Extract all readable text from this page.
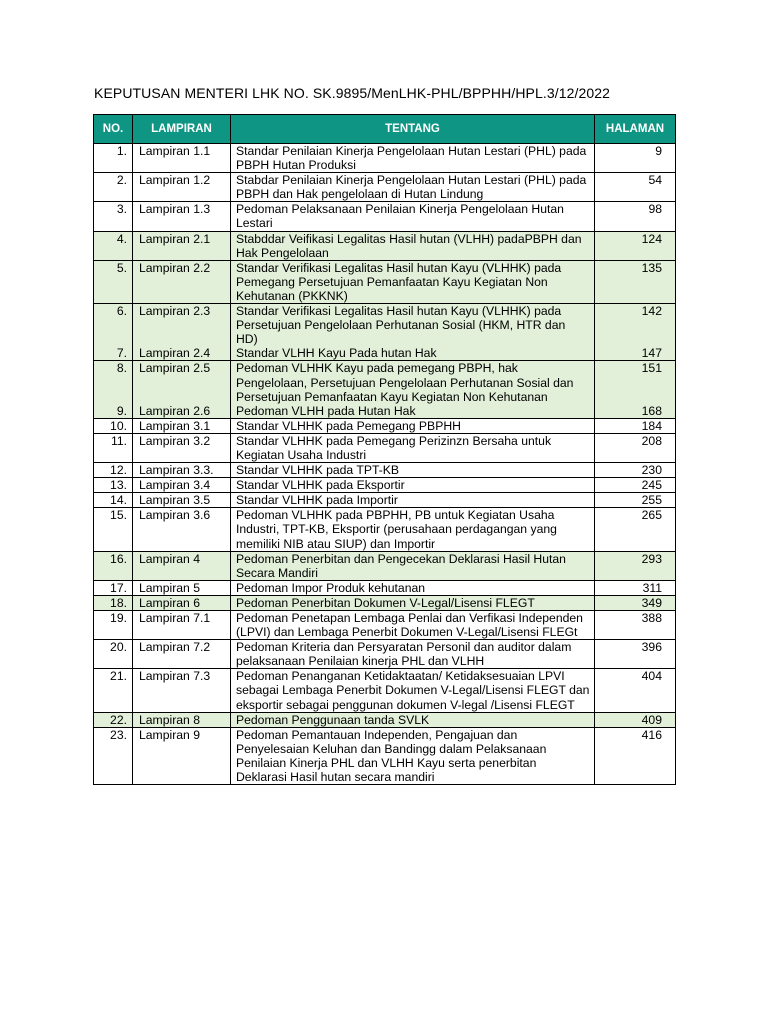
KEPUTUSAN MENTERI LHK NO. SK.9895/MenLHK-PHL/BPPHH/HPL.3/12/2022
NO.	LAMPIRAN	TENTANG	HALAMAN
1.	Lampiran 1.1	Standar Penilaian Kinerja Pengelolaan Hutan Lestari (PHL) pada PBPH Hutan Produksi	9
2.	Lampiran 1.2	Stabdar Penilaian Kinerja Pengelolaan Hutan Lestari (PHL) pada PBPH dan Hak pengelolaan di Hutan Lindung	54
3.	Lampiran 1.3	Pedoman Pelaksanaan Penilaian Kinerja Pengelolaan Hutan Lestari	98
4.	Lampiran 2.1	Stabddar Veifikasi Legalitas Hasil hutan (VLHH) padaPBPH dan Hak Pengelolaan	124
5.	Lampiran 2.2	Standar Verifikasi Legalitas Hasil hutan Kayu (VLHHK) pada Pemegang Persetujuan Pemanfaatan Kayu Kegiatan Non Kehutanan (PKKNK)	135
6.	Lampiran 2.3	Standar Verifikasi Legalitas Hasil hutan Kayu (VLHHK) pada Persetujuan Pengelolaan Perhutanan Sosial (HKM, HTR dan HD)	142
7.	Lampiran 2.4	Standar VLHH Kayu Pada hutan Hak	147
8.	Lampiran 2.5	Pedoman VLHHK Kayu pada pemegang PBPH, hak Pengelolaan, Persetujuan Pengelolaan Perhutanan Sosial dan Persetujuan Pemanfaatan Kayu Kegiatan Non Kehutanan	151
9.	Lampiran 2.6	Pedoman VLHH pada Hutan Hak	168
10.	Lampiran 3.1	Standar VLHHK pada Pemegang PBPHH	184
11.	Lampiran 3.2	Standar VLHHK pada Pemegang Perizinzn Bersaha untuk Kegiatan Usaha Industri	208
12.	Lampiran 3.3.	Standar VLHHK pada TPT-KB	230
13.	Lampiran 3.4	Standar VLHHK pada Eksportir	245
14.	Lampiran 3.5	Standar VLHHK pada Importir	255
15.	Lampiran 3.6	Pedoman VLHHK pada PBPHH, PB untuk Kegiatan Usaha Industri, TPT-KB, Eksportir (perusahaan perdagangan yang memiliki NIB atau SIUP) dan Importir	265
16.	Lampiran 4	Pedoman Penerbitan dan Pengecekan Deklarasi Hasil Hutan Secara Mandiri	293
17.	Lampiran 5	Pedoman Impor Produk kehutanan	311
18.	Lampiran 6	Pedoman Penerbitan Dokumen V-Legal/Lisensi FLEGT	349
19.	Lampiran 7.1	Pedoman Penetapan Lembaga Penlai dan Verfikasi Independen (LPVI) dan Lembaga Penerbit Dokumen V-Legal/Lisensi FLEGt	388
20.	Lampiran 7.2	Pedoman Kriteria dan Persyaratan Personil dan auditor dalam pelaksanaan Penilaian kinerja PHL dan VLHH	396
21.	Lampiran 7.3	Pedoman Penanganan Ketidaktaatan/ Ketidaksesuaian LPVI sebagai Lembaga Penerbit Dokumen V-Legal/Lisensi FLEGT dan eksportir sebagai penggunan dokumen V-legal /Lisensi FLEGT	404
22.	Lampiran 8	Pedoman Penggunaan tanda SVLK	409
23.	Lampiran 9	Pedoman Pemantauan Independen, Pengajuan dan Penyelesaian Keluhan dan Bandingg dalam Pelaksanaan Penilaian Kinerja PHL dan VLHH Kayu serta penerbitan Deklarasi Hasil hutan secara mandiri	416
